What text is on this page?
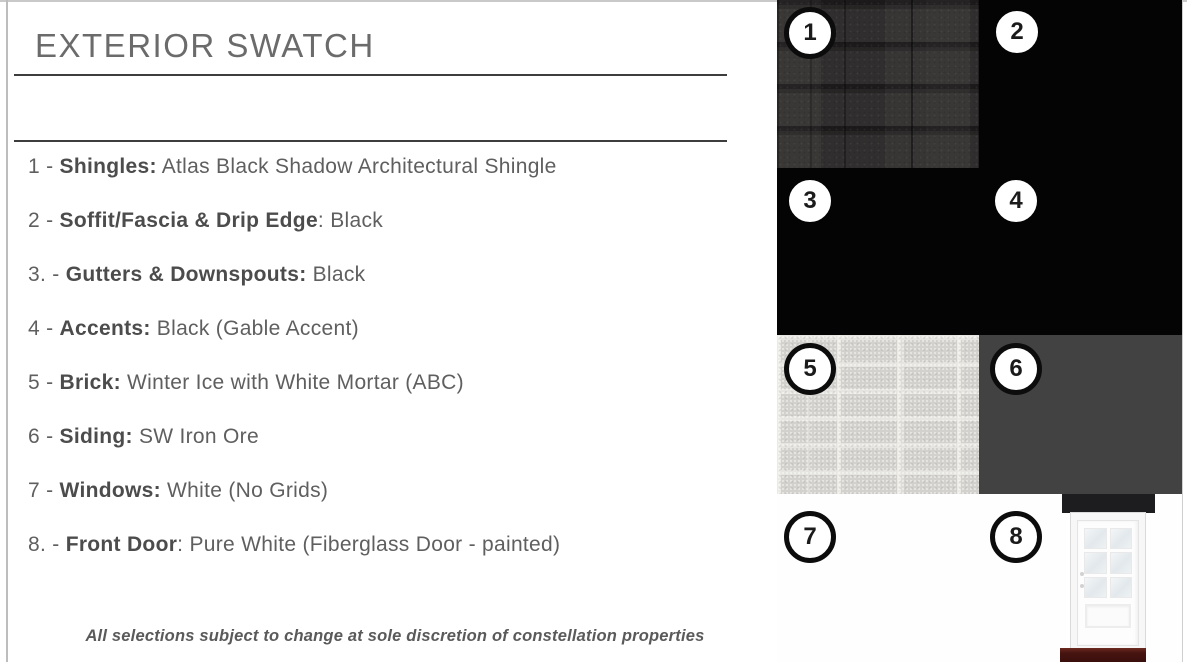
EXTERIOR SWATCH
1 - Shingles: Atlas Black Shadow Architectural Shingle
2 - Soffit/Fascia & Drip Edge : Black
3. - Gutters & Downspouts: Black
4 - Accents: Black (Gable Accent)
5 - Brick: Winter Ice with White Mortar (ABC)
6 - Siding: SW Iron Ore
7 - Windows: White (No Grids)
8. - Front Door : Pure White (Fiberglass Door - painted)
All selections subject to change at sole discretion of constellation properties
1	2
3	4
5	6
7	8
